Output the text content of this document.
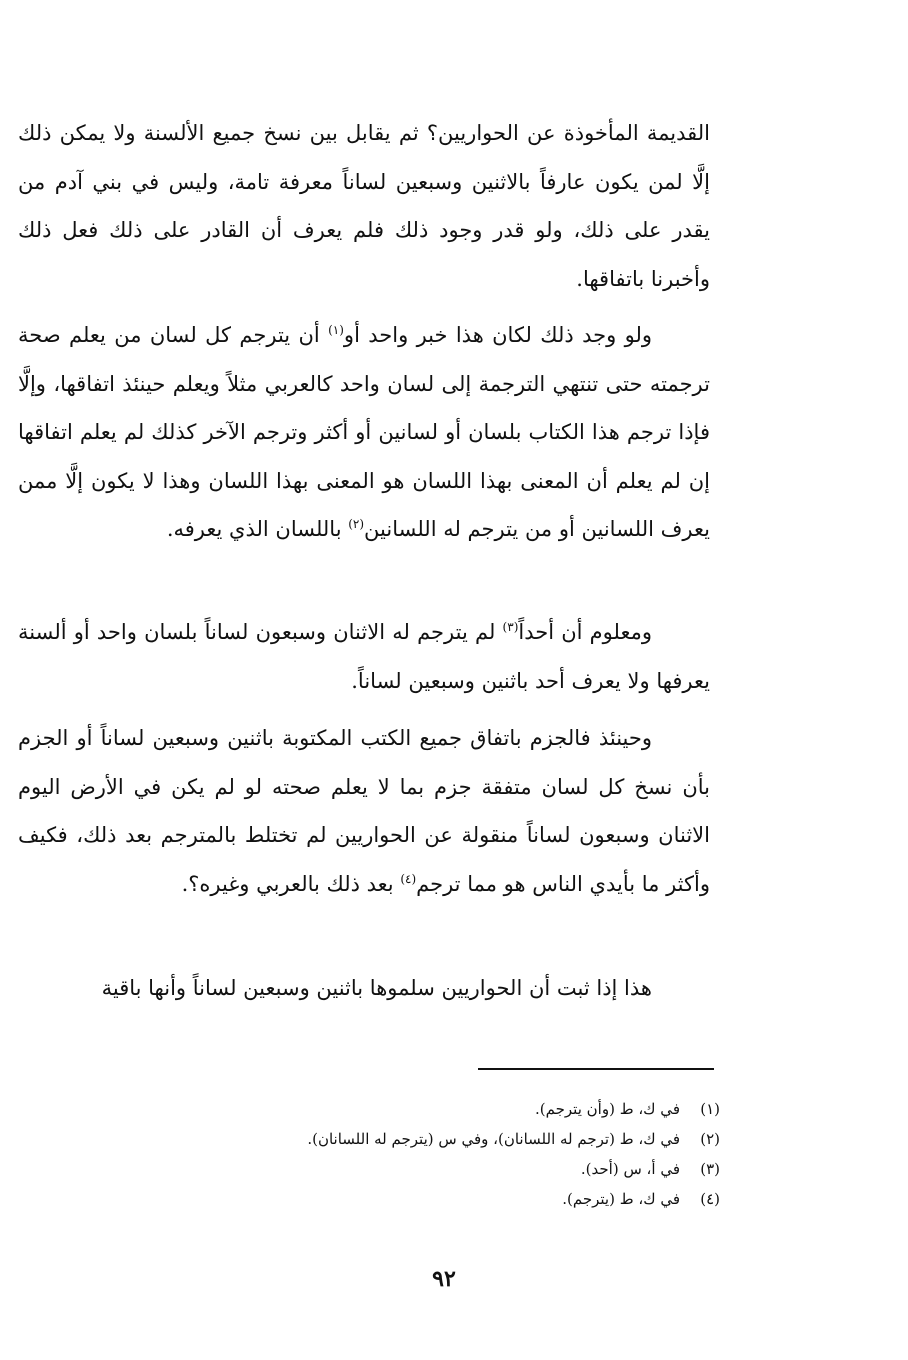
القديمة المأخوذة عن الحواريين؟ ثم يقابل بين نسخ جميع الألسنة ولا يمكن ذلك إلَّا لمن يكون عارفاً بالاثنين وسبعين لساناً معرفة تامة، وليس في بني آدم من يقدر على ذلك، ولو قدر وجود ذلك فلم يعرف أن القادر على ذلك فعل ذلك وأخبرنا باتفاقها.

ولو وجد ذلك لكان هذا خبر واحد أو$^{(١)}$ أن يترجم كل لسان من يعلم صحة ترجمته حتى تنتهي الترجمة إلى لسان واحد كالعربي مثلاً ويعلم حينئذ اتفاقها، وإلَّا فإذا ترجم هذا الكتاب بلسان أو لسانين أو أكثر وترجم الآخر كذلك لم يعلم اتفاقها إن لم يعلم أن المعنى بهذا اللسان هو المعنى بهذا اللسان وهذا لا يكون إلَّا ممن يعرف اللسانين أو من يترجم له اللسانين$^{(٢)}$ باللسان الذي يعرفه.

ومعلوم أن أحداً$^{(٣)}$ لم يترجم له الاثنان وسبعون لساناً بلسان واحد أو ألسنة يعرفها ولا يعرف أحد باثنين وسبعين لساناً.

وحينئذ فالجزم باتفاق جميع الكتب المكتوبة باثنين وسبعين لساناً أو الجزم بأن نسخ كل لسان متفقة جزم بما لا يعلم صحته لو لم يكن في الأرض اليوم الاثنان وسبعون لساناً منقولة عن الحواريين لم تختلط بالمترجم بعد ذلك، فكيف وأكثر ما بأيدي الناس هو مما ترجم$^{(٤)}$ بعد ذلك بالعربي وغيره؟.

هذا إذا ثبت أن الحواريين سلموها باثنين وسبعين لساناً وأنها باقية

(١)في ك، ط (وأن يترجم).
(٢)في ك، ط (ترجم له اللسانان)، وفي س (يترجم له اللسانان).
(٣)في أ، س (أحد).
(٤)في ك، ط (يترجم).
٩٢
